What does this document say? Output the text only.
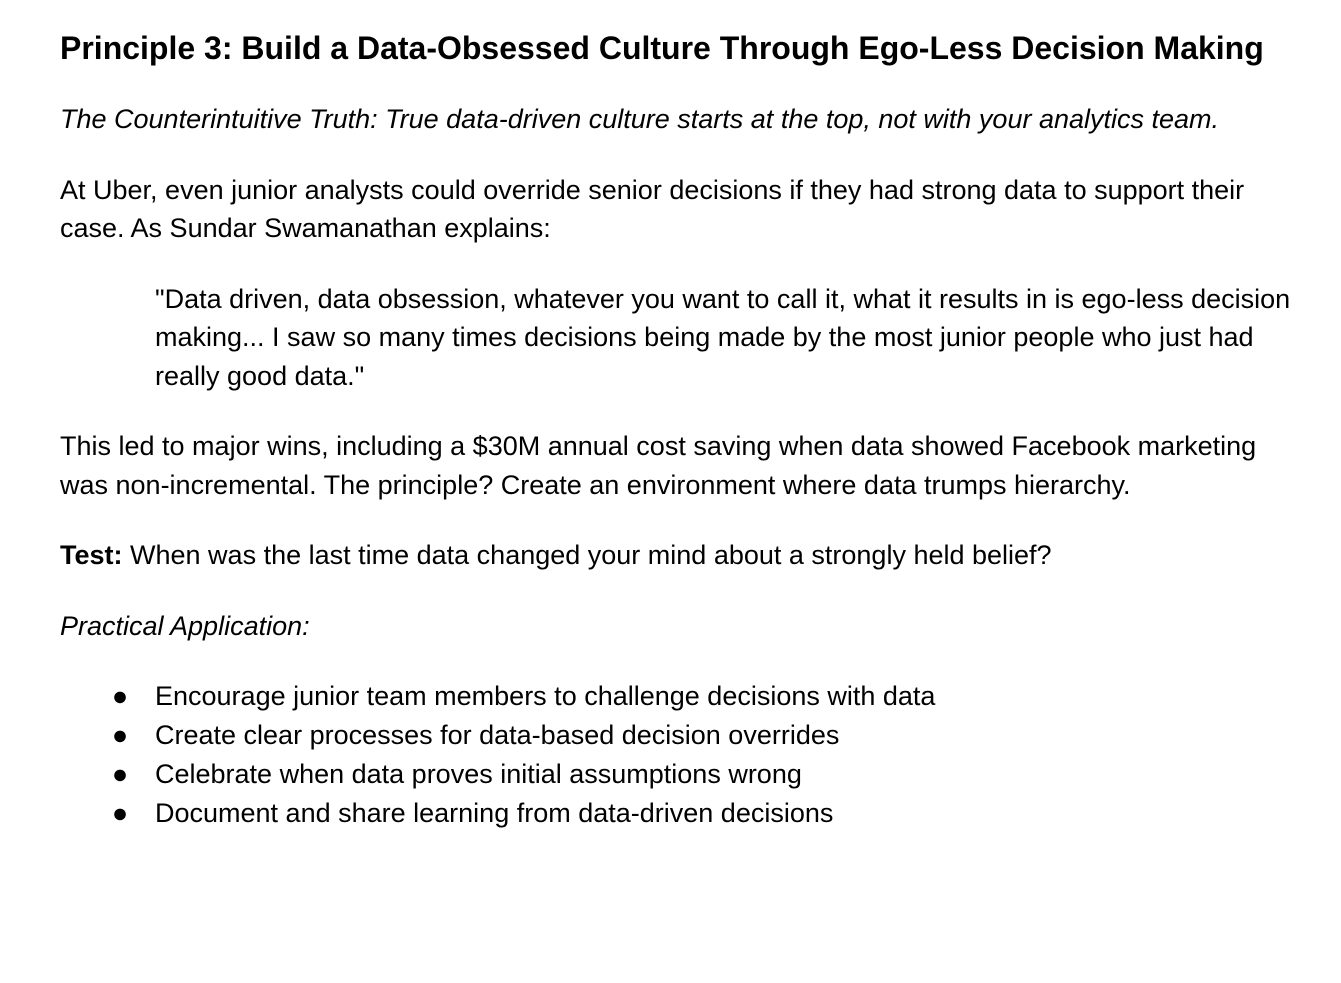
Principle 3: Build a Data-Obsessed Culture Through Ego-Less Decision Making

The Counterintuitive Truth: True data-driven culture starts at the top, not with your analytics team.

At Uber, even junior analysts could override senior decisions if they had strong data to support their case. As Sundar Swamanathan explains:

"Data driven, data obsession, whatever you want to call it, what it results in is ego-less decision making... I saw so many times decisions being made by the most junior people who just had really good data."

This led to major wins, including a $30M annual cost saving when data showed Facebook marketing was non-incremental. The principle? Create an environment where data trumps hierarchy.

Test: When was the last time data changed your mind about a strongly held belief?

Practical Application:

● Encourage junior team members to challenge decisions with data
● Create clear processes for data-based decision overrides
● Celebrate when data proves initial assumptions wrong
● Document and share learning from data-driven decisions
